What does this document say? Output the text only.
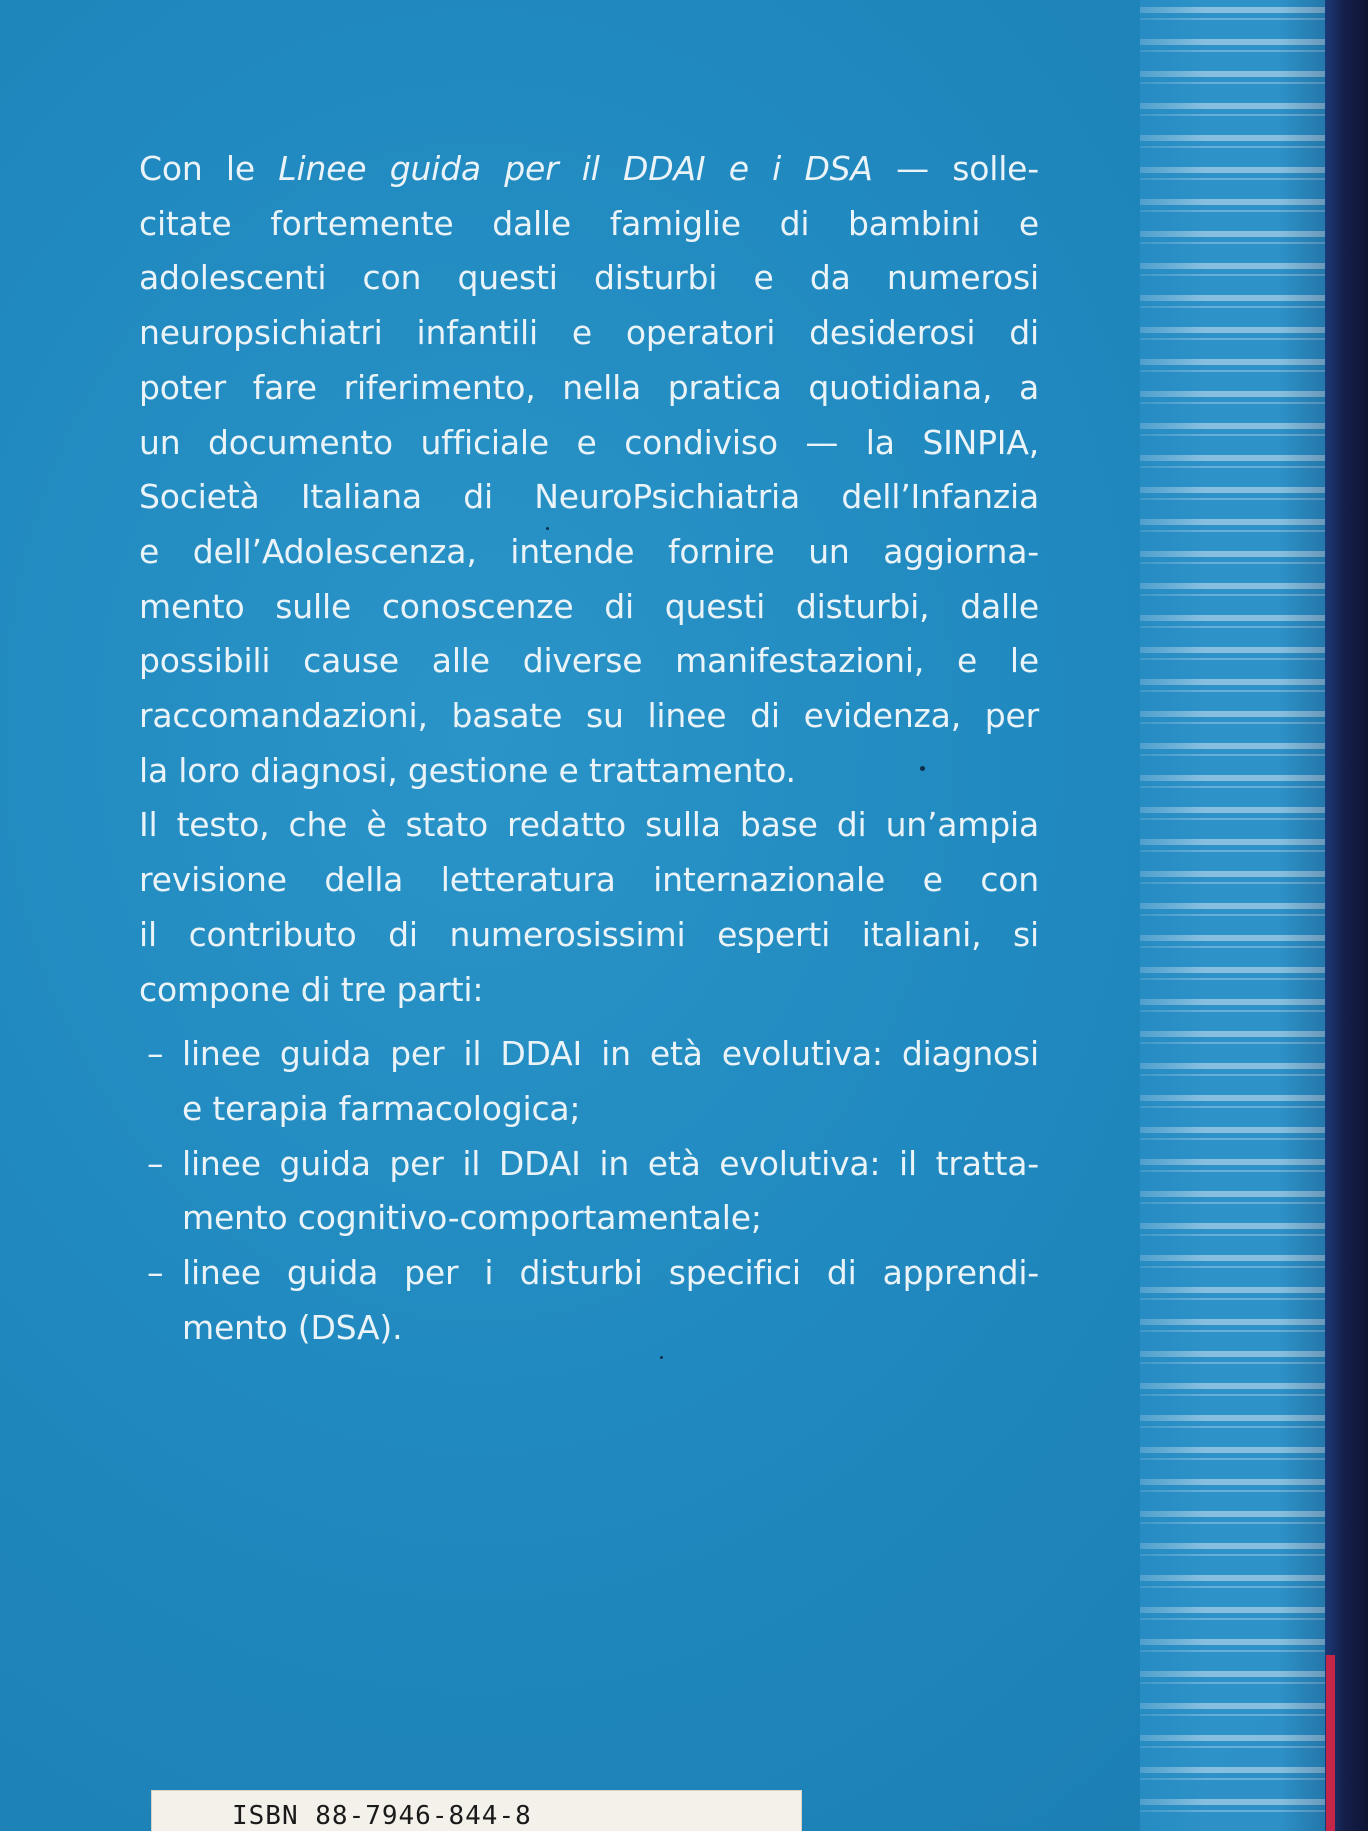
Con le Linee guida per il DDAI e i DSA — solle-
citate fortemente dalle famiglie di bambini e
adolescenti con questi disturbi e da numerosi
neuropsichiatri infantili e operatori desiderosi di
poter fare riferimento, nella pratica quotidiana, a
un documento ufficiale e condiviso — la SINPIA,
Società Italiana di NeuroPsichiatria dell’Infanzia
e dell’Adolescenza, intende fornire un aggiorna-
mento sulle conoscenze di questi disturbi, dalle
possibili cause alle diverse manifestazioni, e le
raccomandazioni, basate su linee di evidenza, per
la loro diagnosi, gestione e trattamento.
Il testo, che è stato redatto sulla base di un’ampia
revisione della letteratura internazionale e con
il contributo di numerosissimi esperti italiani, si
compone di tre parti:
– linee guida per il DDAI in età evolutiva: diagnosi
e terapia farmacologica;
– linee guida per il DDAI in età evolutiva: il tratta-
mento cognitivo-comportamentale;
– linee guida per i disturbi specifici di apprendi-
mento (DSA).
ISBN 88-7946-844-8
